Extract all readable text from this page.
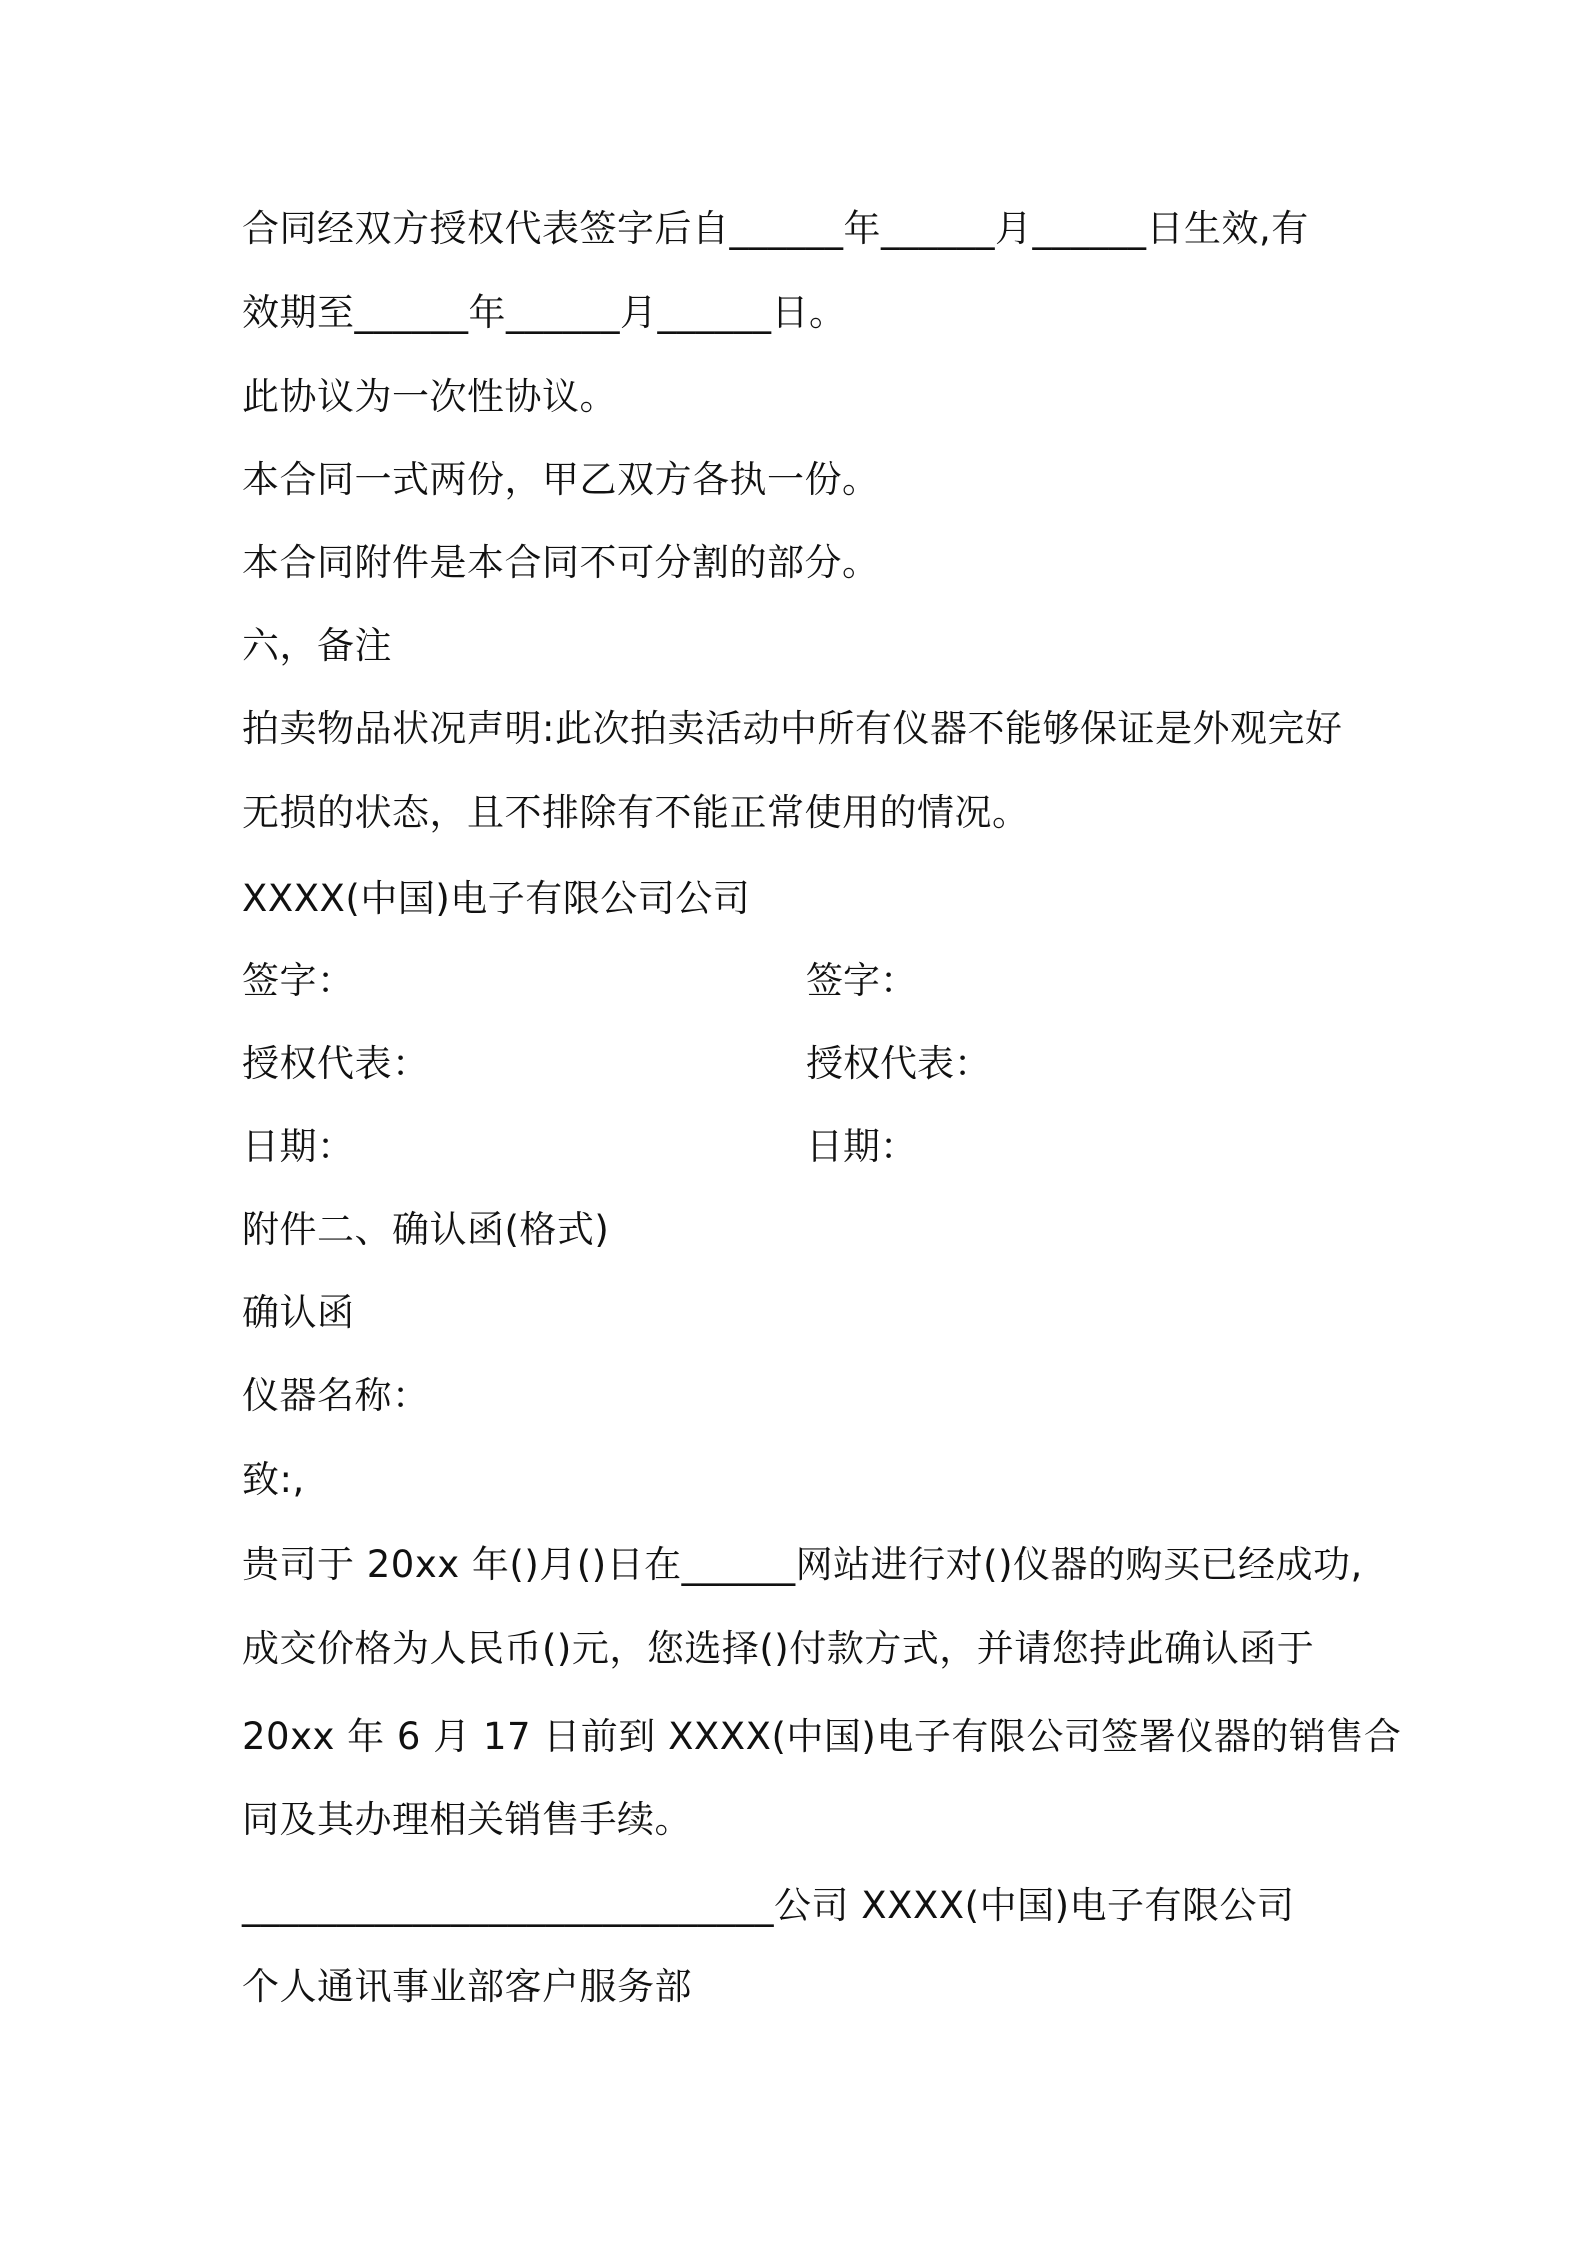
合同经双方授权代表签字后自______年______月______日生效,有
效期至______年______月______日。
此协议为一次性协议。
本合同一式两份，甲乙双方各执一份。
本合同附件是本合同不可分割的部分。
六，备注
拍卖物品状况声明:此次拍卖活动中所有仪器不能够保证是外观完好
无损的状态，且不排除有不能正常使用的情况。
XXXX(中国)电子有限公司公司
签字：	签字：
授权代表：	授权代表：
日期：	日期：
附件二、确认函(格式)
确认函
仪器名称：
致:,
贵司于 20xx 年()月()日在______网站进行对()仪器的购买已经成功,
成交价格为人民币()元，您选择()付款方式，并请您持此确认函于
20xx 年 6 月 17 日前到 XXXX(中国)电子有限公司签署仪器的销售合
同及其办理相关销售手续。
____________________________公司 XXXX(中国)电子有限公司
个人通讯事业部客户服务部
